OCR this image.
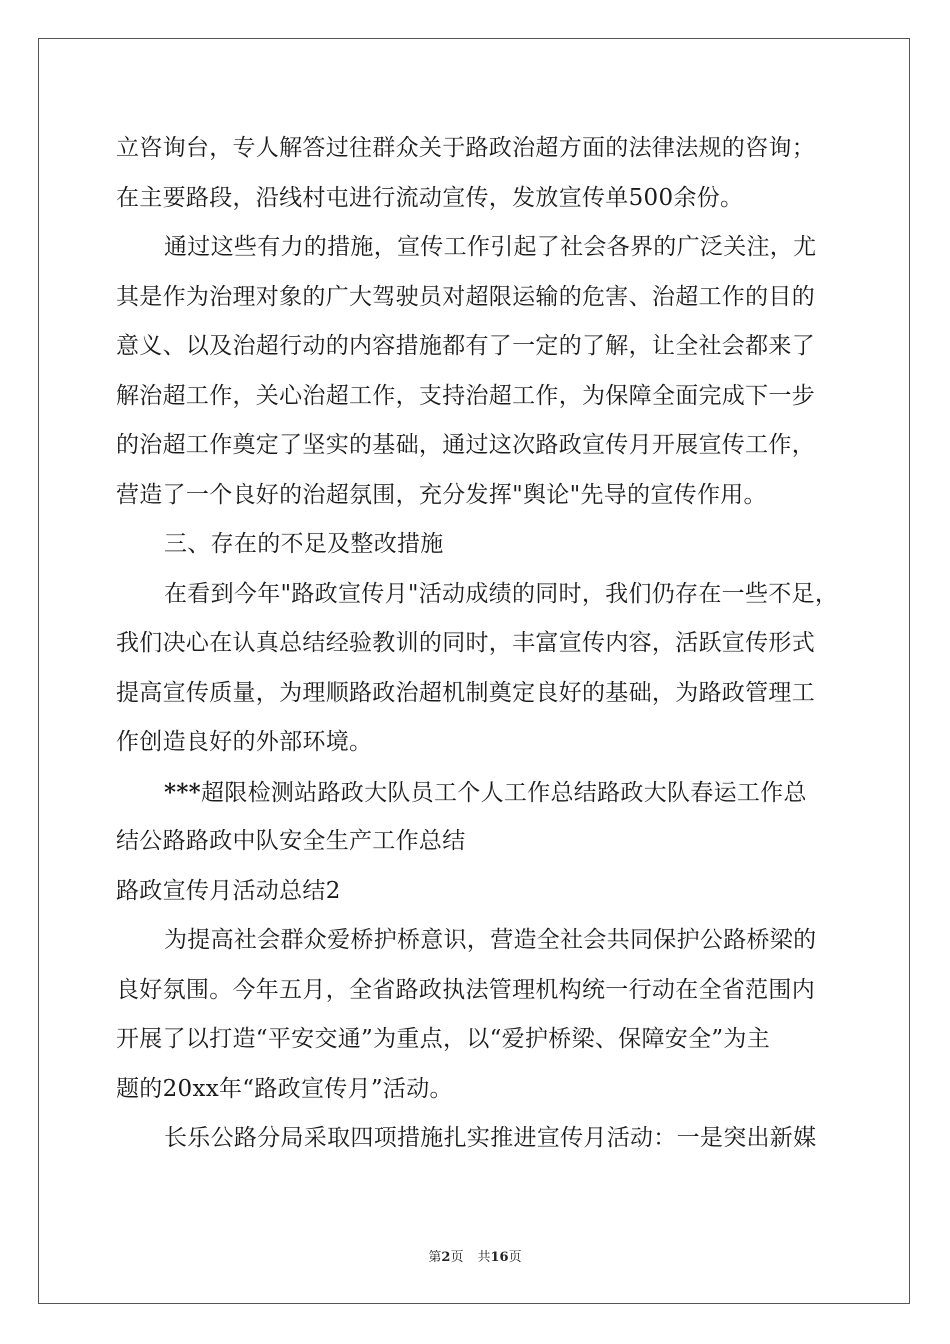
立咨询台，专人解答过往群众关于路政治超方面的法律法规的咨询；
在主要路段，沿线村屯进行流动宣传，发放宣传单500余份。
通过这些有力的措施，宣传工作引起了社会各界的广泛关注，尤
其是作为治理对象的广大驾驶员对超限运输的危害、治超工作的目的
意义、以及治超行动的内容措施都有了一定的了解，让全社会都来了
解治超工作，关心治超工作，支持治超工作，为保障全面完成下一步
的治超工作奠定了坚实的基础，通过这次路政宣传月开展宣传工作，
营造了一个良好的治超氛围，充分发挥"舆论"先导的宣传作用。
三、存在的不足及整改措施
在看到今年"路政宣传月"活动成绩的同时，我们仍存在一些不足，
我们决心在认真总结经验教训的同时，丰富宣传内容，活跃宣传形式
提高宣传质量，为理顺路政治超机制奠定良好的基础，为路政管理工
作创造良好的外部环境。
***超限检测站路政大队员工个人工作总结路政大队春运工作总
结公路路政中队安全生产工作总结
路政宣传月活动总结2
为提高社会群众爱桥护桥意识，营造全社会共同保护公路桥梁的
良好氛围。今年五月，全省路政执法管理机构统一行动在全省范围内
开展了以打造“平安交通”为重点，以“爱护桥梁、保障安全”为主
题的20xx年“路政宣传月”活动。
长乐公路分局采取四项措施扎实推进宣传月活动：一是突出新媒
第2页 共16页
